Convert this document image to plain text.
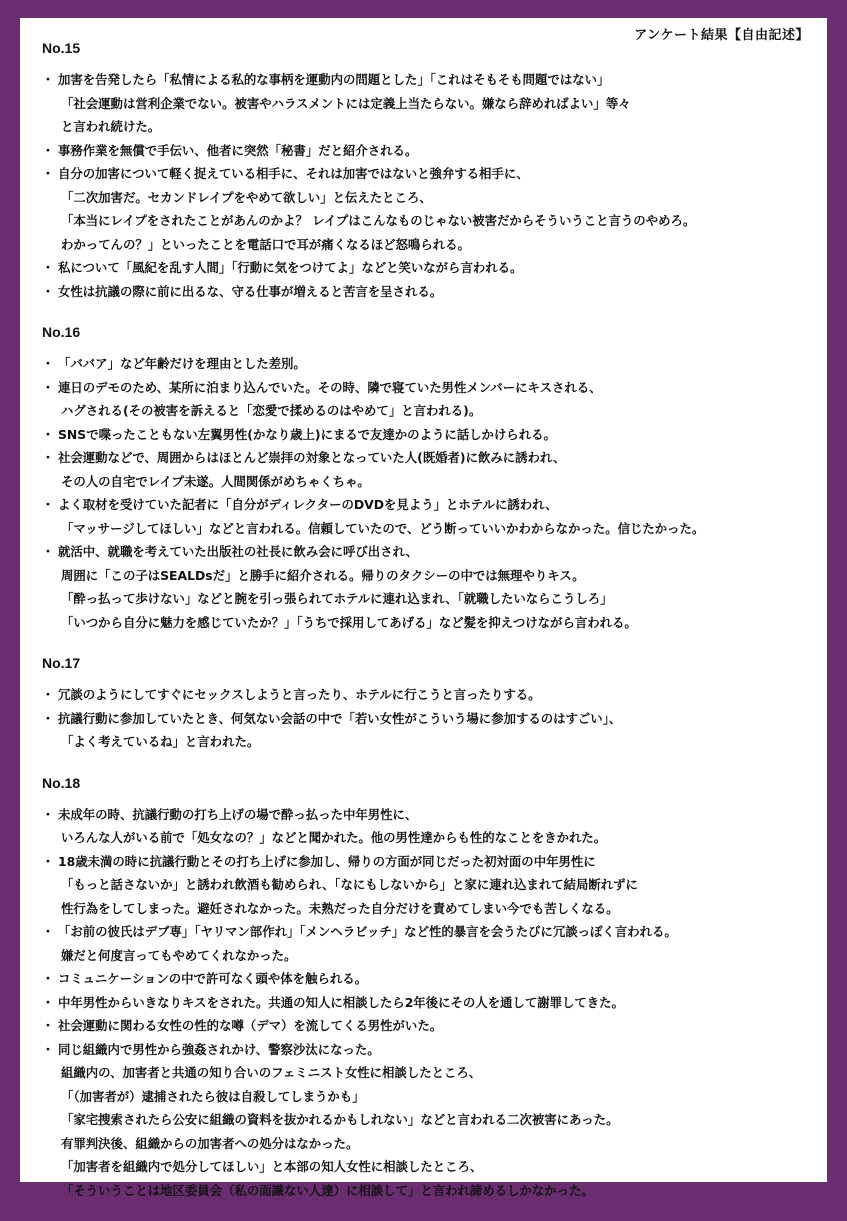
アンケート結果【自由記述】
No.15
・ 加害を告発したら「私情による私的な事柄を運動内の問題とした」「これはそもそも問題ではない」
「社会運動は営利企業でない。被害やハラスメントには定義上当たらない。嫌なら辞めればよい」等々
と言われ続けた。
・ 事務作業を無償で手伝い、他者に突然「秘書」だと紹介される。
・ 自分の加害について軽く捉えている相手に、それは加害ではないと強弁する相手に、
「二次加害だ。セカンドレイプをやめて欲しい」と伝えたところ、
「本当にレイプをされたことがあんのかよ？ レイプはこんなものじゃない被害だからそういうこと言うのやめろ。
わかってんの？」といったことを電話口で耳が痛くなるほど怒鳴られる。
・ 私について「風紀を乱す人間」「行動に気をつけてよ」などと笑いながら言われる。
・ 女性は抗議の際に前に出るな、守る仕事が増えると苦言を呈される。
No.16
・ 「ババア」など年齢だけを理由とした差別。
・ 連日のデモのため、某所に泊まり込んでいた。その時、隣で寝ていた男性メンバーにキスされる、
ハグされる(その被害を訴えると「恋愛で揉めるのはやめて」と言われる)。
・ SNSで喋ったこともない左翼男性(かなり歳上)にまるで友達かのように話しかけられる。
・ 社会運動などで、周囲からはほとんど崇拝の対象となっていた人(既婚者)に飲みに誘われ、
その人の自宅でレイプ未遂。人間関係がめちゃくちゃ。
・ よく取材を受けていた記者に「自分がディレクターのDVDを見よう」とホテルに誘われ、
「マッサージしてほしい」などと言われる。信頼していたので、どう断っていいかわからなかった。信じたかった。
・ 就活中、就職を考えていた出版社の社長に飲み会に呼び出され、
周囲に「この子はSEALDsだ」と勝手に紹介される。帰りのタクシーの中では無理やりキス。
「酔っ払って歩けない」などと腕を引っ張られてホテルに連れ込まれ、「就職したいならこうしろ」
「いつから自分に魅力を感じていたか？」「うちで採用してあげる」など髪を抑えつけながら言われる。
No.17
・ 冗談のようにしてすぐにセックスしようと言ったり、ホテルに行こうと言ったりする。
・ 抗議行動に参加していたとき、何気ない会話の中で「若い女性がこういう場に参加するのはすごい」、
「よく考えているね」と言われた。
No.18
・ 未成年の時、抗議行動の打ち上げの場で酔っ払った中年男性に、
いろんな人がいる前で「処女なの？」などと聞かれた。他の男性達からも性的なことをきかれた。
・ 18歳未満の時に抗議行動とその打ち上げに参加し、帰りの方面が同じだった初対面の中年男性に
「もっと話さないか」と誘われ飲酒も勧められ、「なにもしないから」と家に連れ込まれて結局断れずに
性行為をしてしまった。避妊されなかった。未熟だった自分だけを責めてしまい今でも苦しくなる。
・ 「お前の彼氏はデブ専」「ヤリマン部作れ」「メンヘラビッチ」など性的暴言を会うたびに冗談っぽく言われる。
嫌だと何度言ってもやめてくれなかった。
・ コミュニケーションの中で許可なく頭や体を触られる。
・ 中年男性からいきなりキスをされた。共通の知人に相談したら2年後にその人を通して謝罪してきた。
・ 社会運動に関わる女性の性的な噂（デマ）を流してくる男性がいた。
・ 同じ組織内で男性から強姦されかけ、警察沙汰になった。
組織内の、加害者と共通の知り合いのフェミニスト女性に相談したところ、
「（加害者が）逮捕されたら彼は自殺してしまうかも」
「家宅捜索されたら公安に組織の資料を抜かれるかもしれない」などと言われる二次被害にあった。
有罪判決後、組織からの加害者への処分はなかった。
「加害者を組織内で処分してほしい」と本部の知人女性に相談したところ、
「そういうことは地区委員会（私の面識ない人達）に相談して」と言われ諦めるしかなかった。
